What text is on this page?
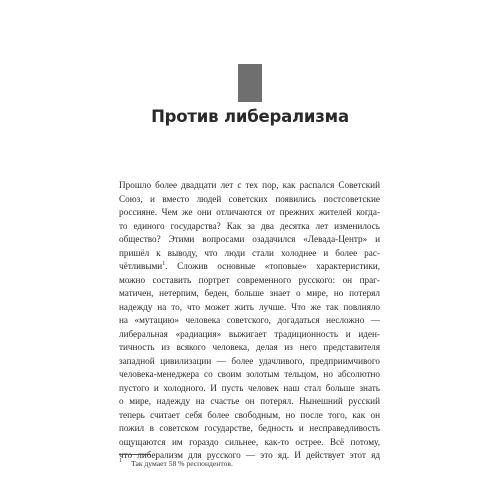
Против либерализма
Прошло более двадцати лет с тех пор, как распался Советский
Союз, и вместо людей советских появились постсоветские
россияне. Чем же они отличаются от прежних жителей когда-
то единого государства? Как за два десятка лет изменилось
общество? Этими вопросами озадачился «Левада-Центр» и
пришёл к выводу, что люди стали холоднее и более рас-
чётливыми$^1$. Сложив основные «топовые» характеристики,
можно составить портрет современного русского: он праг-
матичен, нетерпим, беден, больше знает о мире, но потерял
надежду на то, что может жить лучше. Что же так повлияло
на «мутацию» человека советского, догадаться несложно —
либеральная «радиация» выжигает традиционность и иден-
тичность из всякого человека, делая из него представителя
западной цивилизации — более удачливого, предприимчивого
человека-менеджера со своим золотым тельцом, но абсолютно
пустого и холодного. И пусть человек наш стал больше знать
о мире, надежду на счастье он потерял. Нынешний русский
теперь считает себя более свободным, но после того, как он
пожил в советском государстве, бедность и несправедливость
ощущаются им гораздо сильнее, как-то острее. Всё потому,
что либерализм для русского — это яд. И действует этот яд

1 Так думает 58 % респондентов.
